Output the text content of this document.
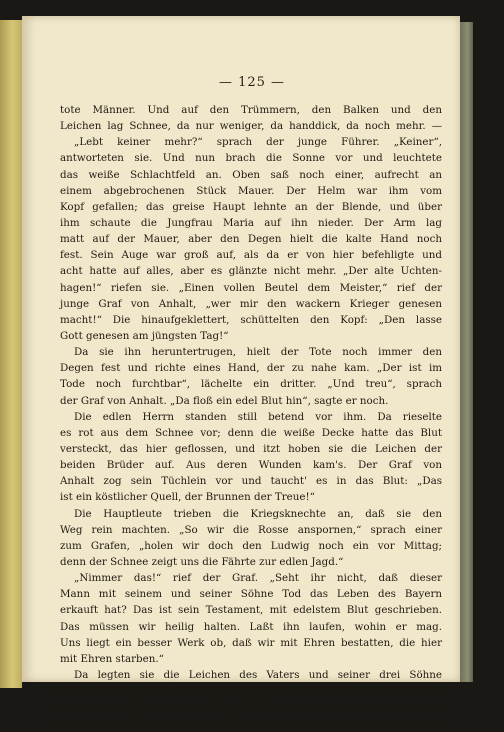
— 125 —
tote Männer. Und auf den Trümmern, den Balken und den
Leichen lag Schnee, da nur weniger, da handdick, da noch mehr. —
„Lebt keiner mehr?“ sprach der junge Führer. „Keiner“,
antworteten sie. Und nun brach die Sonne vor und leuchtete
das weiße Schlachtfeld an. Oben saß noch einer, aufrecht an
einem abgebrochenen Stück Mauer. Der Helm war ihm vom
Kopf gefallen; das greise Haupt lehnte an der Blende, und über
ihm schaute die Jungfrau Maria auf ihn nieder. Der Arm lag
matt auf der Mauer, aber den Degen hielt die kalte Hand noch
fest. Sein Auge war groß auf, als da er von hier befehligte und
acht hatte auf alles, aber es glänzte nicht mehr. „Der alte Uchten-
hagen!“ riefen sie. „Einen vollen Beutel dem Meister,“ rief der
junge Graf von Anhalt, „wer mir den wackern Krieger genesen
macht!“ Die hinaufgeklettert, schüttelten den Kopf: „Den lasse
Gott genesen am jüngsten Tag!“
Da sie ihn heruntertrugen, hielt der Tote noch immer den
Degen fest und richte eines Hand, der zu nahe kam. „Der ist im
Tode noch furchtbar“, lächelte ein dritter. „Und treu“, sprach
der Graf von Anhalt. „Da floß ein edel Blut hin“, sagte er noch.
Die edlen Herrn standen still betend vor ihm. Da rieselte
es rot aus dem Schnee vor; denn die weiße Decke hatte das Blut
versteckt, das hier geflossen, und itzt hoben sie die Leichen der
beiden Brüder auf. Aus deren Wunden kam's. Der Graf von
Anhalt zog sein Tüchlein vor und taucht' es in das Blut: „Das
ist ein köstlicher Quell, der Brunnen der Treue!“
Die Hauptleute trieben die Kriegsknechte an, daß sie den
Weg rein machten. „So wir die Rosse anspornen,“ sprach einer
zum Grafen, „holen wir doch den Ludwig noch ein vor Mittag;
denn der Schnee zeigt uns die Fährte zur edlen Jagd.“
„Nimmer das!“ rief der Graf. „Seht ihr nicht, daß dieser
Mann mit seinem und seiner Söhne Tod das Leben des Bayern
erkauft hat? Das ist sein Testament, mit edelstem Blut geschrieben.
Das müssen wir heilig halten. Laßt ihn laufen, wohin er mag.
Uns liegt ein besser Werk ob, daß wir mit Ehren bestatten, die hier
mit Ehren starben.“
Da legten sie die Leichen des Vaters und seiner drei Söhne
nebeneinander auf Kiefernäste; der Fürst und die Herren schüttelten
ihnen die Hände. Auch Ulrich Pfuels Leiche, die war ganz zer-
hackt, und die des treuen Eisenhardt und der andern. Dann,
